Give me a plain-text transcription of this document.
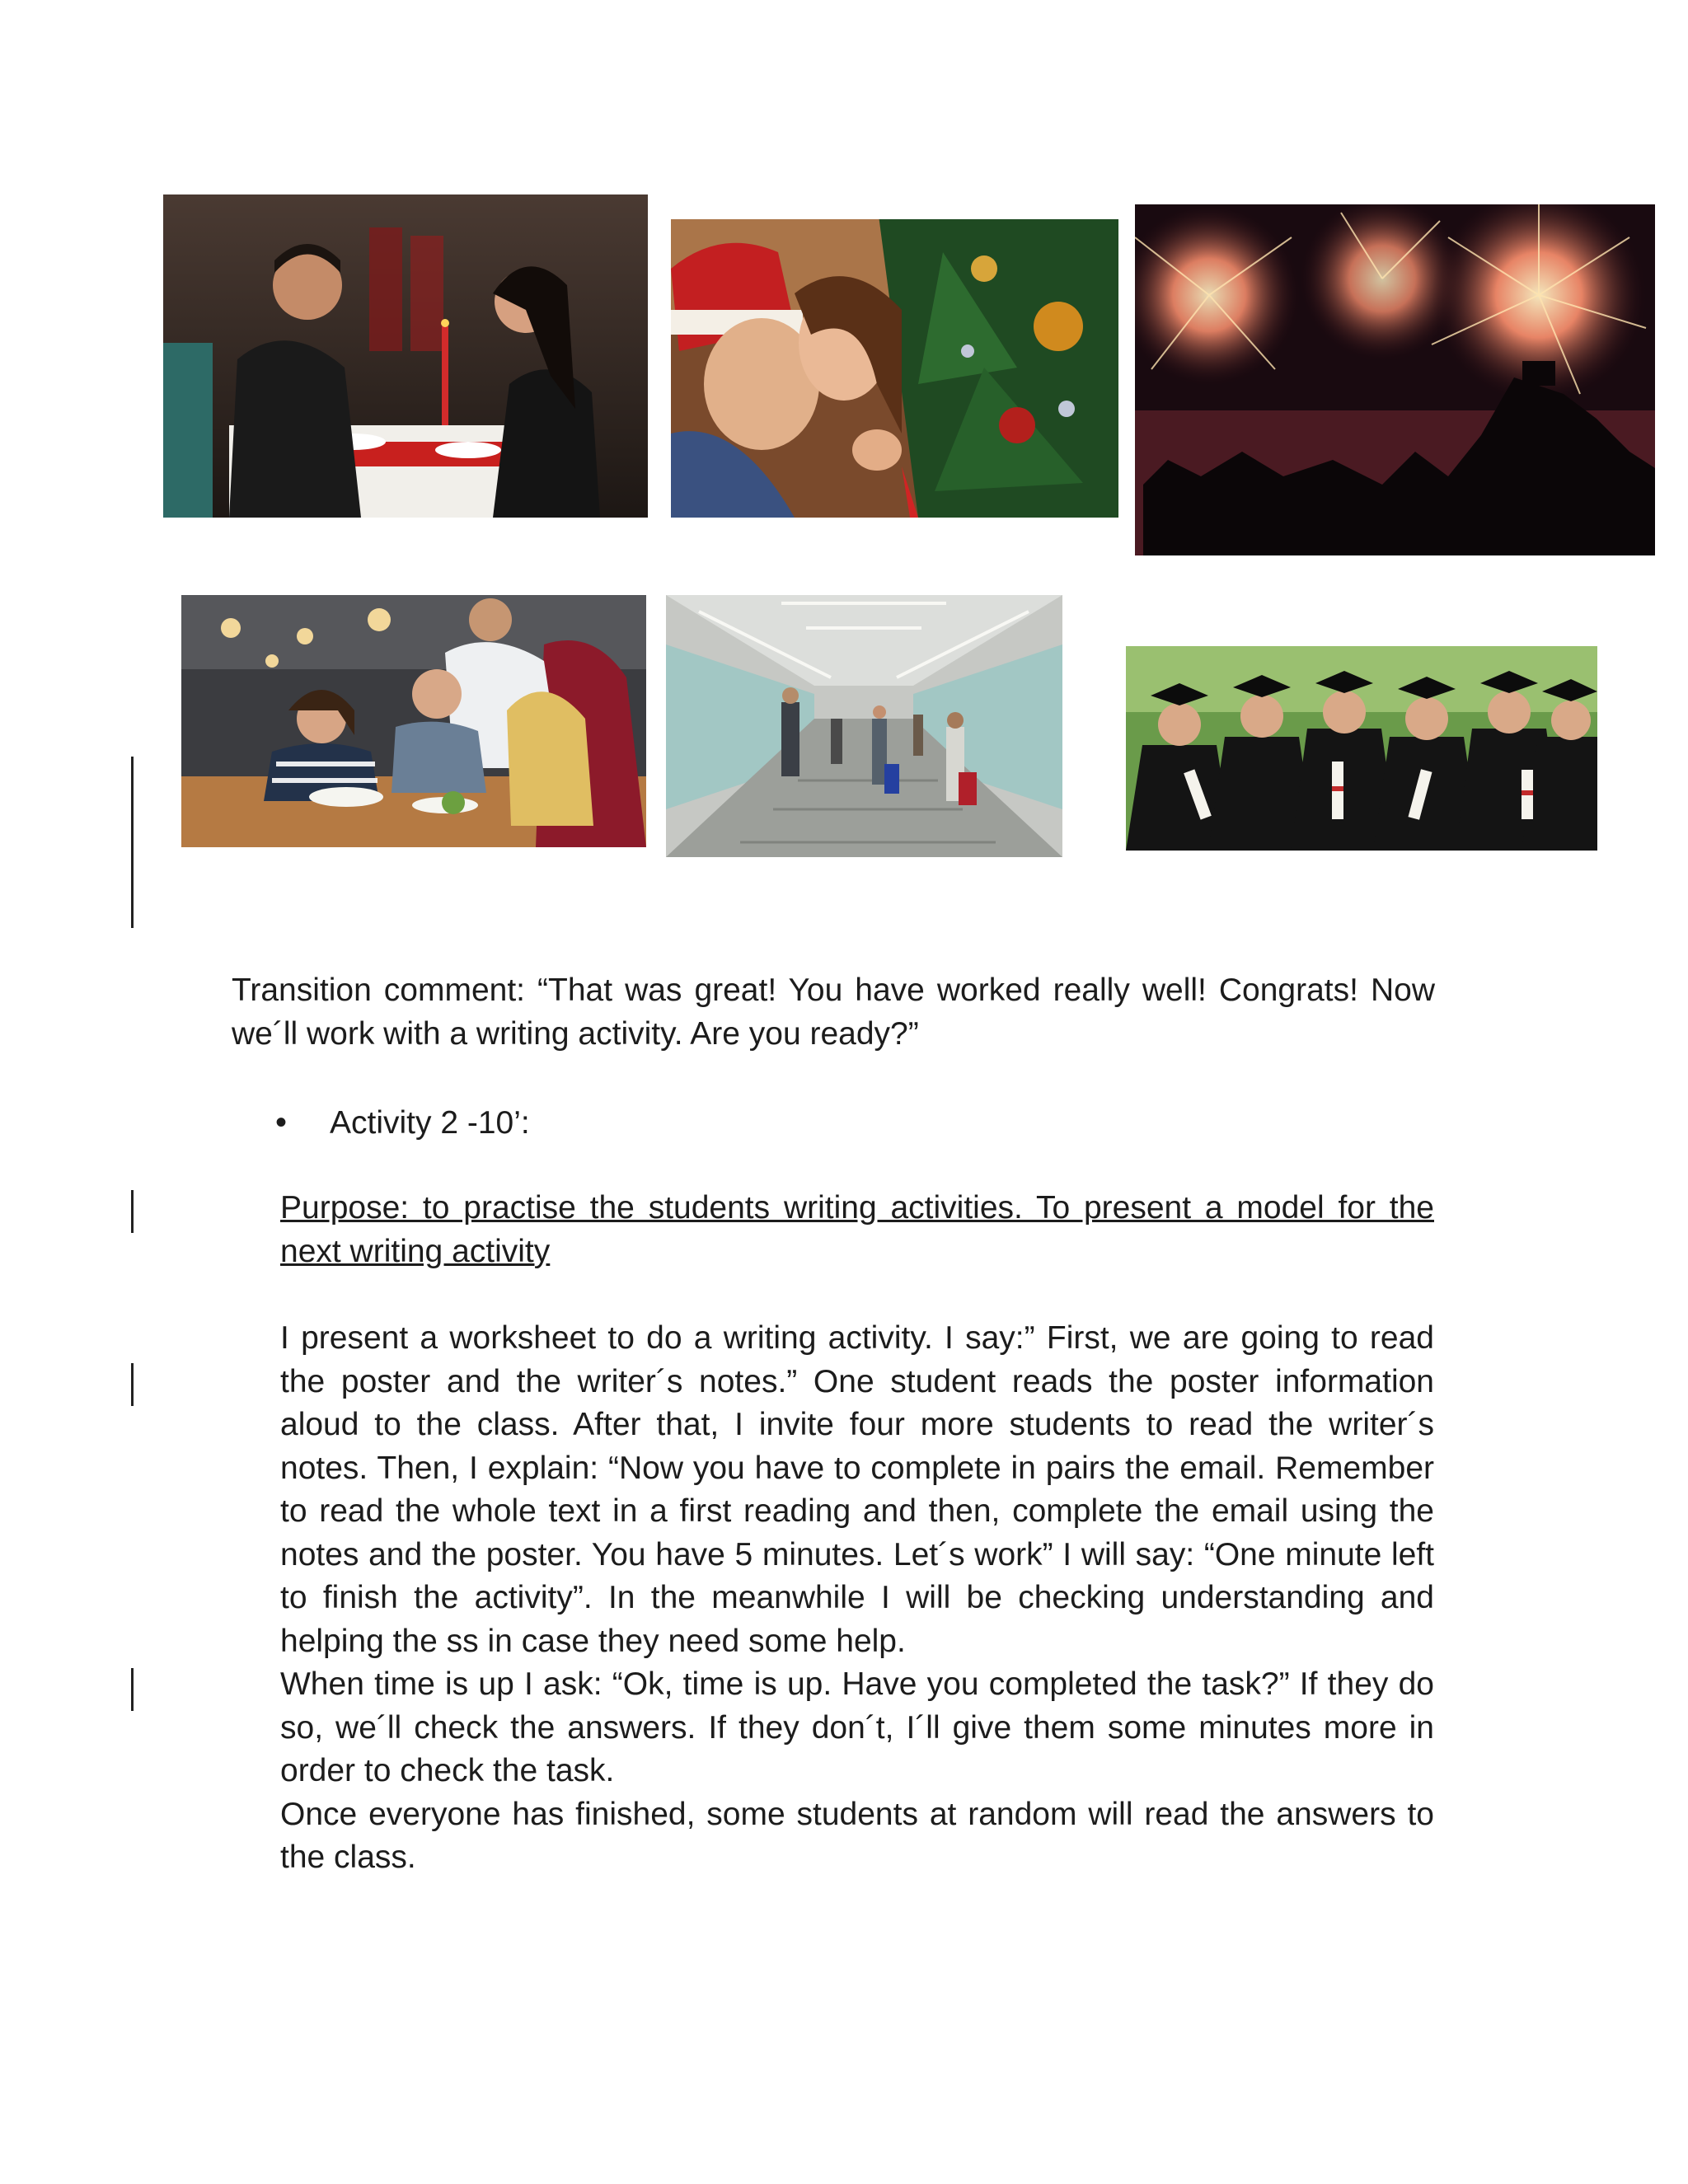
Transition comment: “That was great! You have worked really well! Congrats! Now we´ll work with a writing activity. Are you ready?”
• Activity 2 -10’:
Purpose: to practise the students writing activities. To present a model for the next writing activity

I present a worksheet to do a writing activity. I say:” First, we are going to read the poster and the writer´s notes.” One student reads the poster information aloud to the class. After that, I invite four more students to read the writer´s notes. Then, I explain: “Now you have to complete in pairs the email. Remember to read the whole text in a first reading and then, complete the email using the notes and the poster. You have 5 minutes. Let´s work” I will say: “One minute left to finish the activity”. In the meanwhile I will be checking understanding and helping the ss in case they need some help.

When time is up I ask: “Ok, time is up. Have you completed the task?” If they do so, we´ll check the answers. If they don´t, I´ll give them some minutes more in order to check the task.

Once everyone has finished, some students at random will read the answers to the class.
